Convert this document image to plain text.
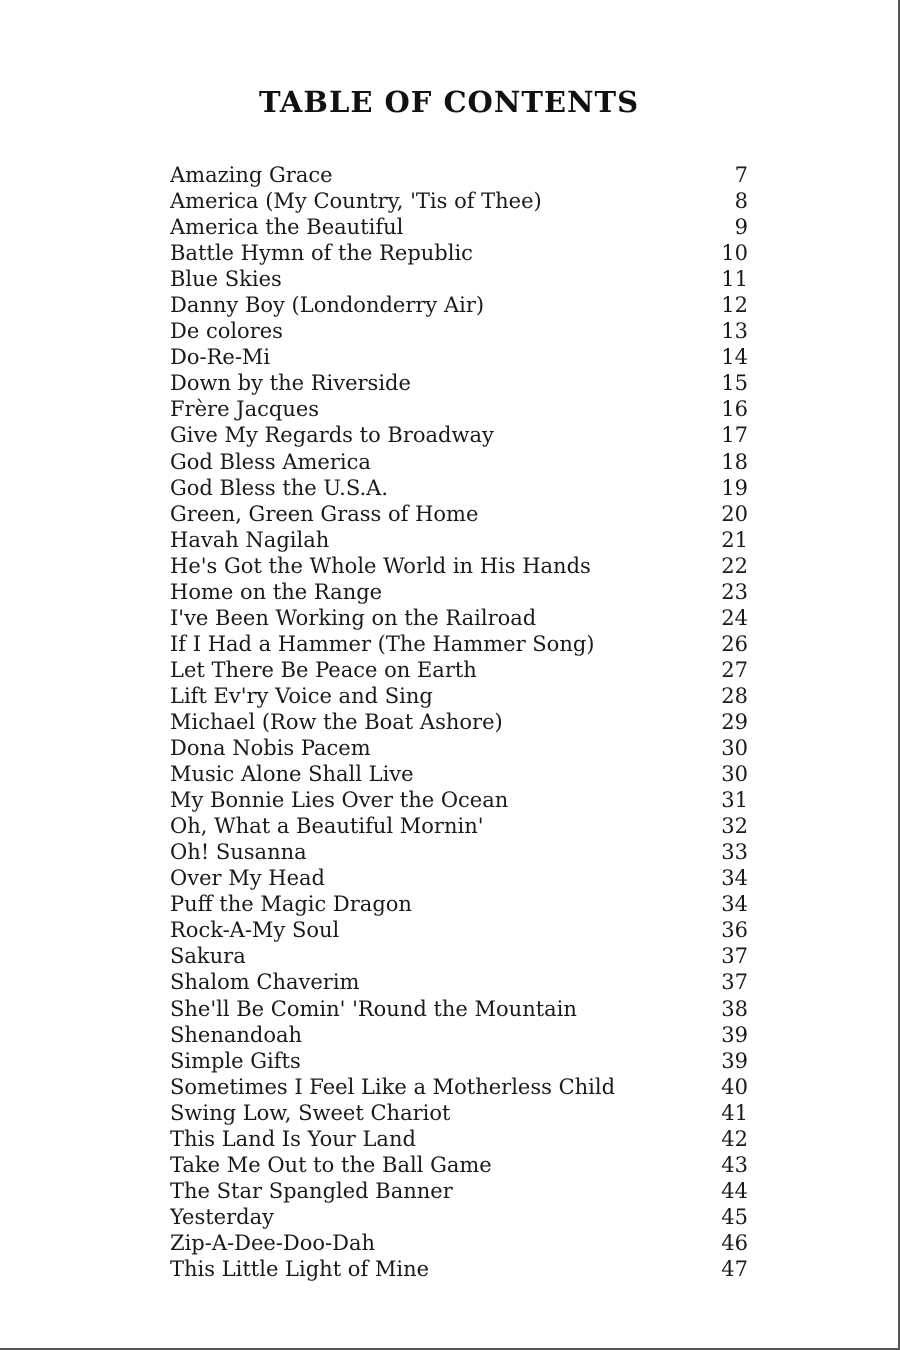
TABLE OF CONTENTS
Amazing Grace	7
America (My Country, 'Tis of Thee)	8
America the Beautiful	9
Battle Hymn of the Republic	10
Blue Skies	11
Danny Boy (Londonderry Air)	12
De colores	13
Do-Re-Mi	14
Down by the Riverside	15
Frère Jacques	16
Give My Regards to Broadway	17
God Bless America	18
God Bless the U.S.A.	19
Green, Green Grass of Home	20
Havah Nagilah	21
He's Got the Whole World in His Hands	22
Home on the Range	23
I've Been Working on the Railroad	24
If I Had a Hammer (The Hammer Song)	26
Let There Be Peace on Earth	27
Lift Ev'ry Voice and Sing	28
Michael (Row the Boat Ashore)	29
Dona Nobis Pacem	30
Music Alone Shall Live	30
My Bonnie Lies Over the Ocean	31
Oh, What a Beautiful Mornin'	32
Oh! Susanna	33
Over My Head	34
Puff the Magic Dragon	34
Rock-A-My Soul	36
Sakura	37
Shalom Chaverim	37
She'll Be Comin' 'Round the Mountain	38
Shenandoah	39
Simple Gifts	39
Sometimes I Feel Like a Motherless Child	40
Swing Low, Sweet Chariot	41
This Land Is Your Land	42
Take Me Out to the Ball Game	43
The Star Spangled Banner	44
Yesterday	45
Zip-A-Dee-Doo-Dah	46
This Little Light of Mine	47
